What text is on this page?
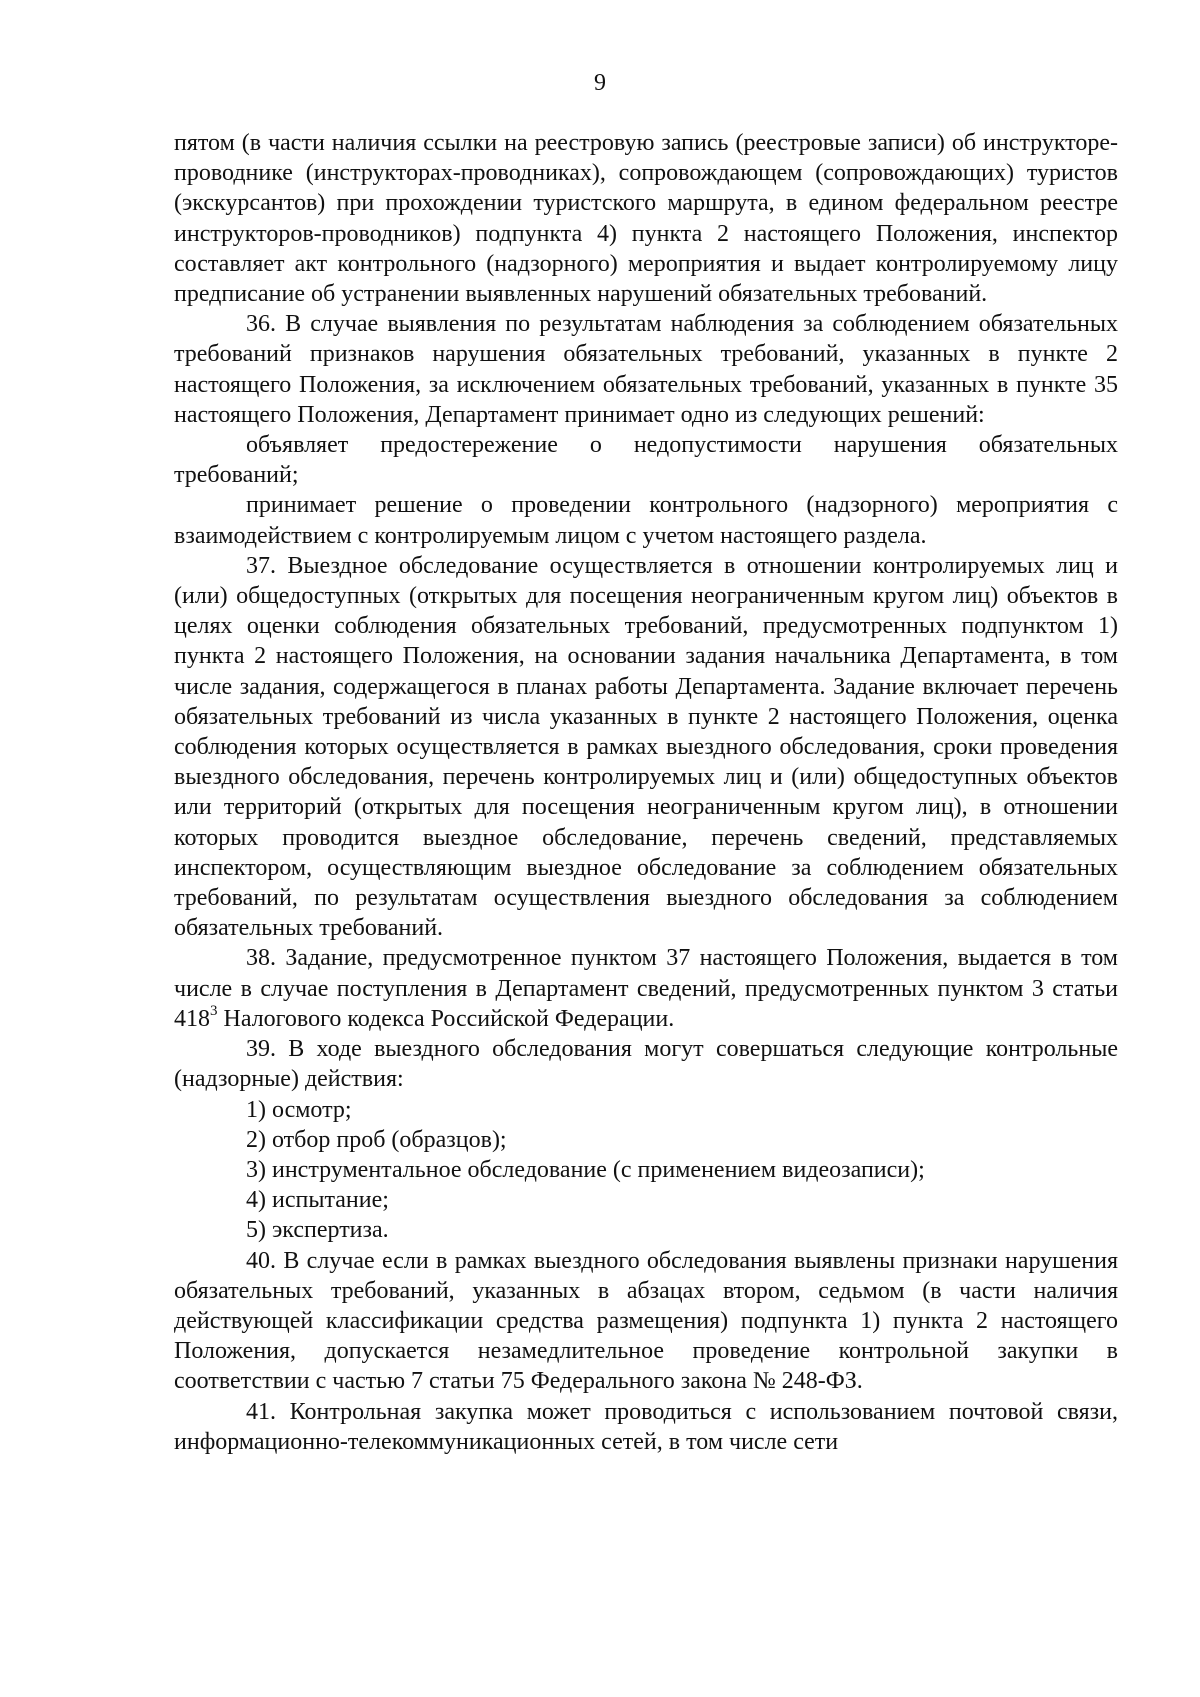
9

пятом (в части наличия ссылки на реестровую запись (реестровые записи) об инструкторе-проводнике (инструкторах-проводниках), сопровождающем (сопровождающих) туристов (экскурсантов) при прохождении туристского маршрута, в едином федеральном реестре инструкторов-проводников) подпункта 4) пункта 2 настоящего Положения, инспектор составляет акт контрольного (надзорного) мероприятия и выдает контролируемому лицу предписание об устранении выявленных нарушений обязательных требований.

36. В случае выявления по результатам наблюдения за соблюдением обязательных требований признаков нарушения обязательных требований, указанных в пункте 2 настоящего Положения, за исключением обязательных требований, указанных в пункте 35 настоящего Положения, Департамент принимает одно из следующих решений:

объявляет предостережение о недопустимости нарушения обязательных требований;

принимает решение о проведении контрольного (надзорного) мероприятия с взаимодействием с контролируемым лицом с учетом настоящего раздела.

37. Выездное обследование осуществляется в отношении контролируемых лиц и (или) общедоступных (открытых для посещения неограниченным кругом лиц) объектов в целях оценки соблюдения обязательных требований, предусмотренных подпунктом 1) пункта 2 настоящего Положения, на основании задания начальника Департамента, в том числе задания, содержащегося в планах работы Департамента. Задание включает перечень обязательных требований из числа указанных в пункте 2 настоящего Положения, оценка соблюдения которых осуществляется в рамках выездного обследования, сроки проведения выездного обследования, перечень контролируемых лиц и (или) общедоступных объектов или территорий (открытых для посещения неограниченным кругом лиц), в отношении которых проводится выездное обследование, перечень сведений, представляемых инспектором, осуществляющим выездное обследование за соблюдением обязательных требований, по результатам осуществления выездного обследования за соблюдением обязательных требований.

38. Задание, предусмотренное пунктом 37 настоящего Положения, выдается в том числе в случае поступления в Департамент сведений, предусмотренных пунктом 3 статьи $418^3$ Налогового кодекса Российской Федерации.

39. В ходе выездного обследования могут совершаться следующие контрольные (надзорные) действия:

1) осмотр;

2) отбор проб (образцов);

3) инструментальное обследование (с применением видеозаписи);

4) испытание;

5) экспертиза.

40. В случае если в рамках выездного обследования выявлены признаки нарушения обязательных требований, указанных в абзацах втором, седьмом (в части наличия действующей классификации средства размещения) подпункта 1) пункта 2 настоящего Положения, допускается незамедлительное проведение контрольной закупки в соответствии с частью 7 статьи 75 Федерального закона № 248-ФЗ.

41. Контрольная закупка может проводиться с использованием почтовой связи, информационно-телекоммуникационных сетей, в том числе сети
